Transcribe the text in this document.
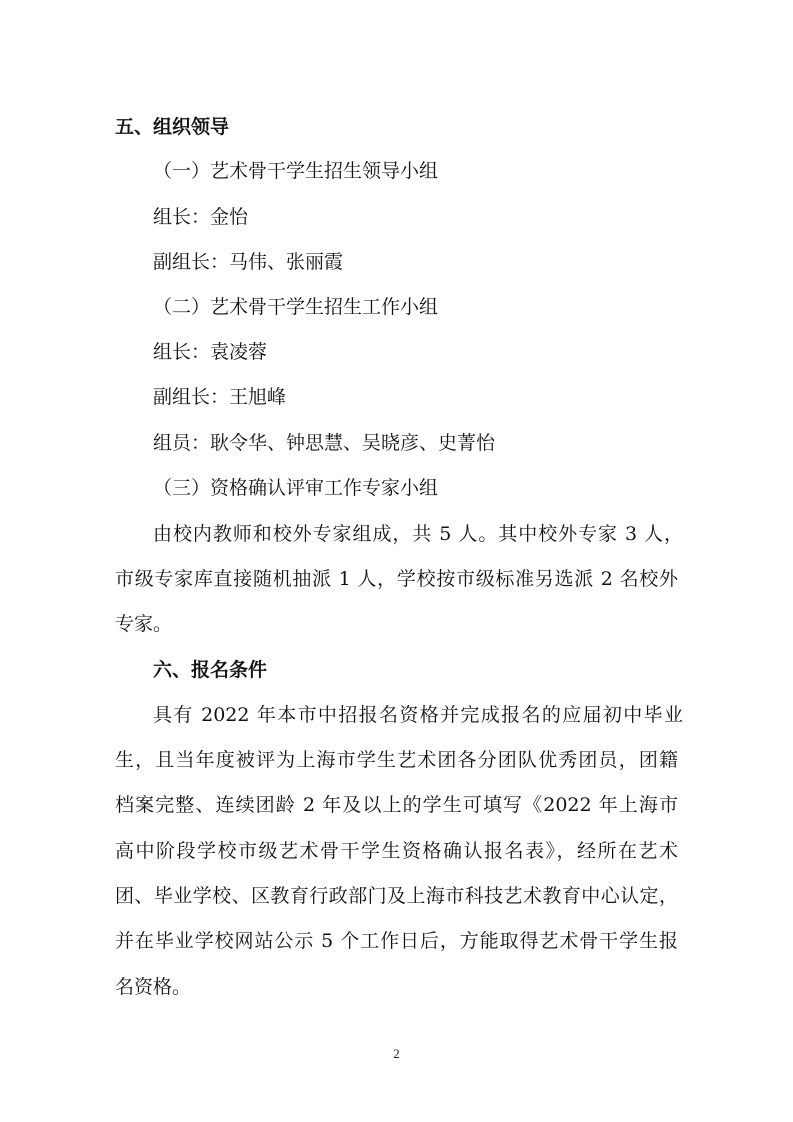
五、组织领导
（一）艺术骨干学生招生领导小组
组长：金怡
副组长：马伟、张丽霞
（二）艺术骨干学生招生工作小组
组长：袁凌蓉
副组长：王旭峰
组员：耿令华、钟思慧、吴晓彦、史菁怡
（三）资格确认评审工作专家小组
由校内教师和校外专家组成，共 5 人。其中校外专家 3 人，
市级专家库直接随机抽派 1 人，学校按市级标准另选派 2 名校外
专家。
六、报名条件
具有 2022 年本市中招报名资格并完成报名的应届初中毕业
生，且当年度被评为上海市学生艺术团各分团队优秀团员，团籍
档案完整、连续团龄 2 年及以上的学生可填写《2022 年上海市
高中阶段学校市级艺术骨干学生资格确认报名表》，经所在艺术
团、毕业学校、区教育行政部门及上海市科技艺术教育中心认定，
并在毕业学校网站公示 5 个工作日后，方能取得艺术骨干学生报
名资格。
2
